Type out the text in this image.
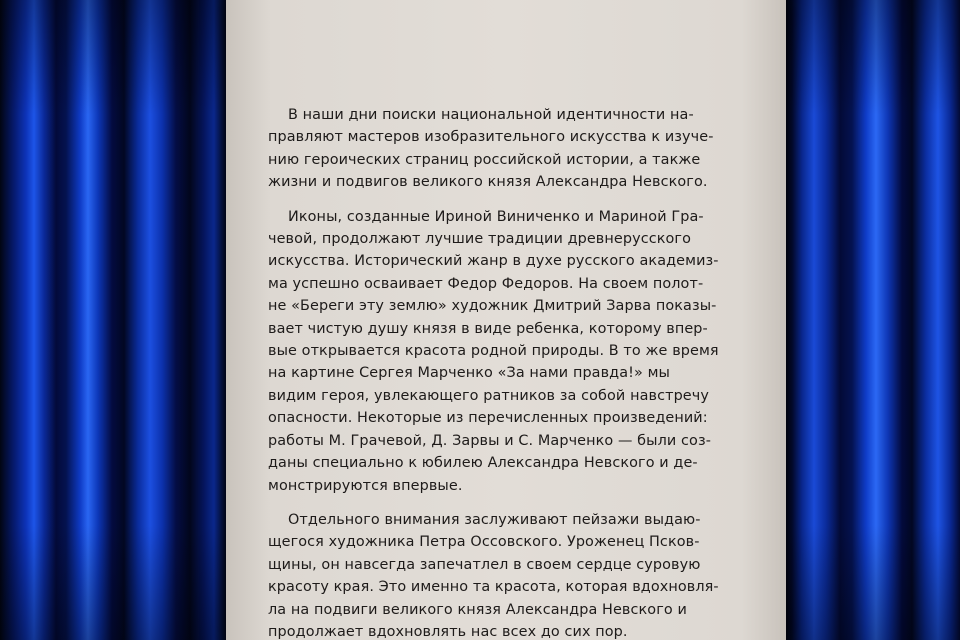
В наши дни поиски национальной идентичности на-
правляют мастеров изобразительного искусства к изуче-
нию героических страниц российской истории, а также
жизни и подвигов великого князя Александра Невского.

Иконы, созданные Ириной Виниченко и Мариной Гра-
чевой, продолжают лучшие традиции древнерусского
искусства. Исторический жанр в духе русского академиз-
ма успешно осваивает Федор Федоров. На своем полот-
не «Береги эту землю» художник Дмитрий Зарва показы-
вает чистую душу князя в виде ребенка, которому впер-
вые открывается красота родной природы. В то же время
на картине Сергея Марченко «За нами правда!» мы
видим героя, увлекающего ратников за собой навстречу
опасности. Некоторые из перечисленных произведений:
работы М. Грачевой, Д. Зарвы и С. Марченко — были соз-
даны специально к юбилею Александра Невского и де-
монстрируются впервые.

Отдельного внимания заслуживают пейзажи выдаю-
щегося художника Петра Оссовского. Уроженец Псков-
щины, он навсегда запечатлел в своем сердце суровую
красоту края. Это именно та красота, которая вдохновля-
ла на подвиги великого князя Александра Невского и
продолжает вдохновлять нас всех до сих пор.
